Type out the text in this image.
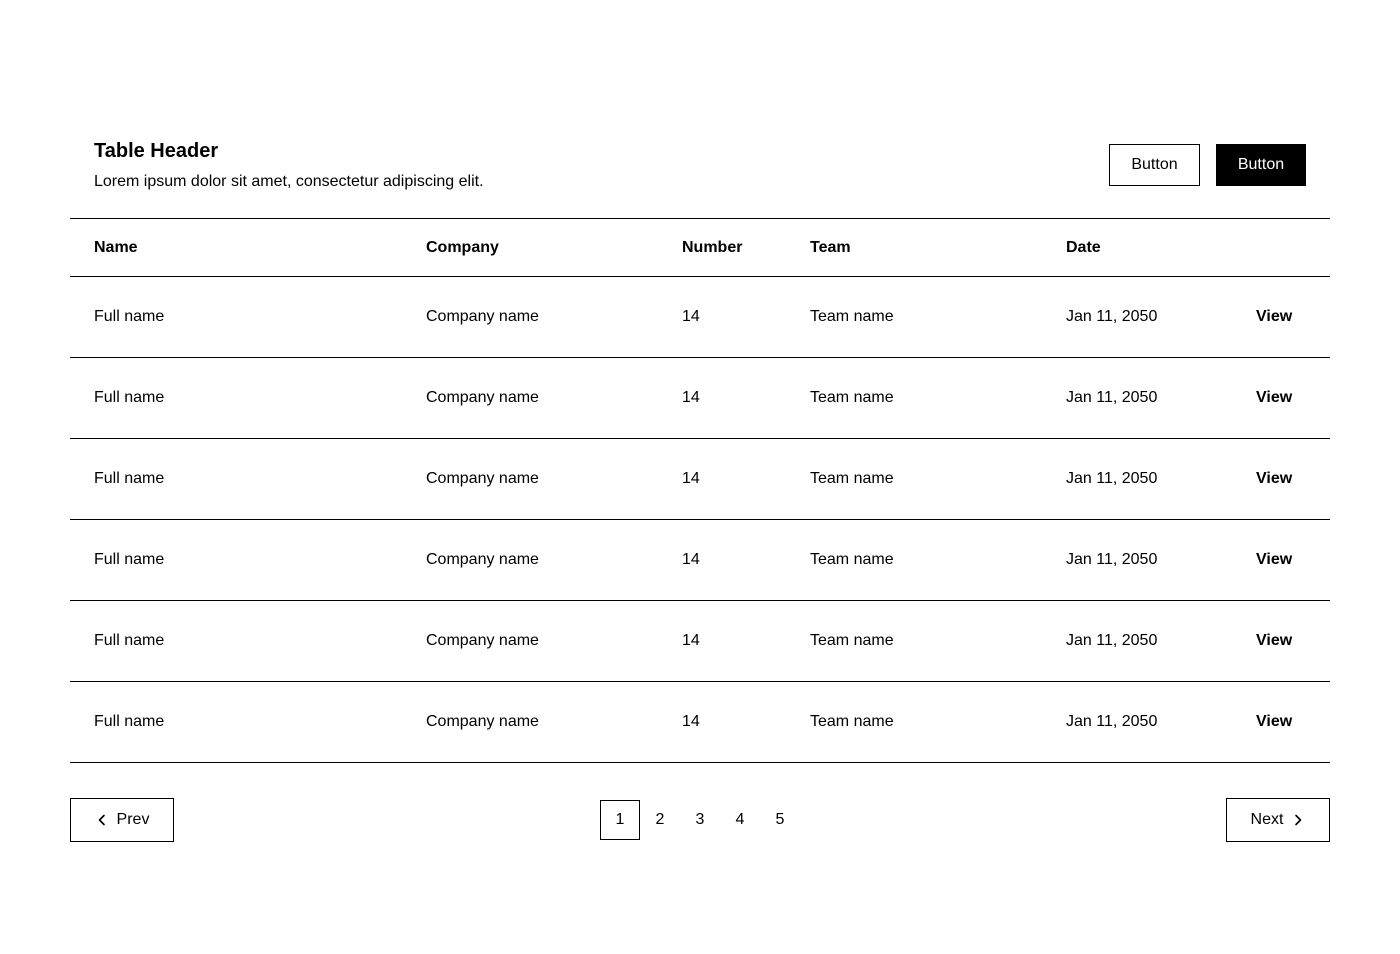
Table Header
Lorem ipsum dolor sit amet, consectetur adipiscing elit.
Button	Button
Name	Company	Number	Team	Date	
Full name	Company name	14	Team name	Jan 11, 2050	View
Full name	Company name	14	Team name	Jan 11, 2050	View
Full name	Company name	14	Team name	Jan 11, 2050	View
Full name	Company name	14	Team name	Jan 11, 2050	View
Full name	Company name	14	Team name	Jan 11, 2050	View
Full name	Company name	14	Team name	Jan 11, 2050	View
Prev	1	2	3	4	5	Next
